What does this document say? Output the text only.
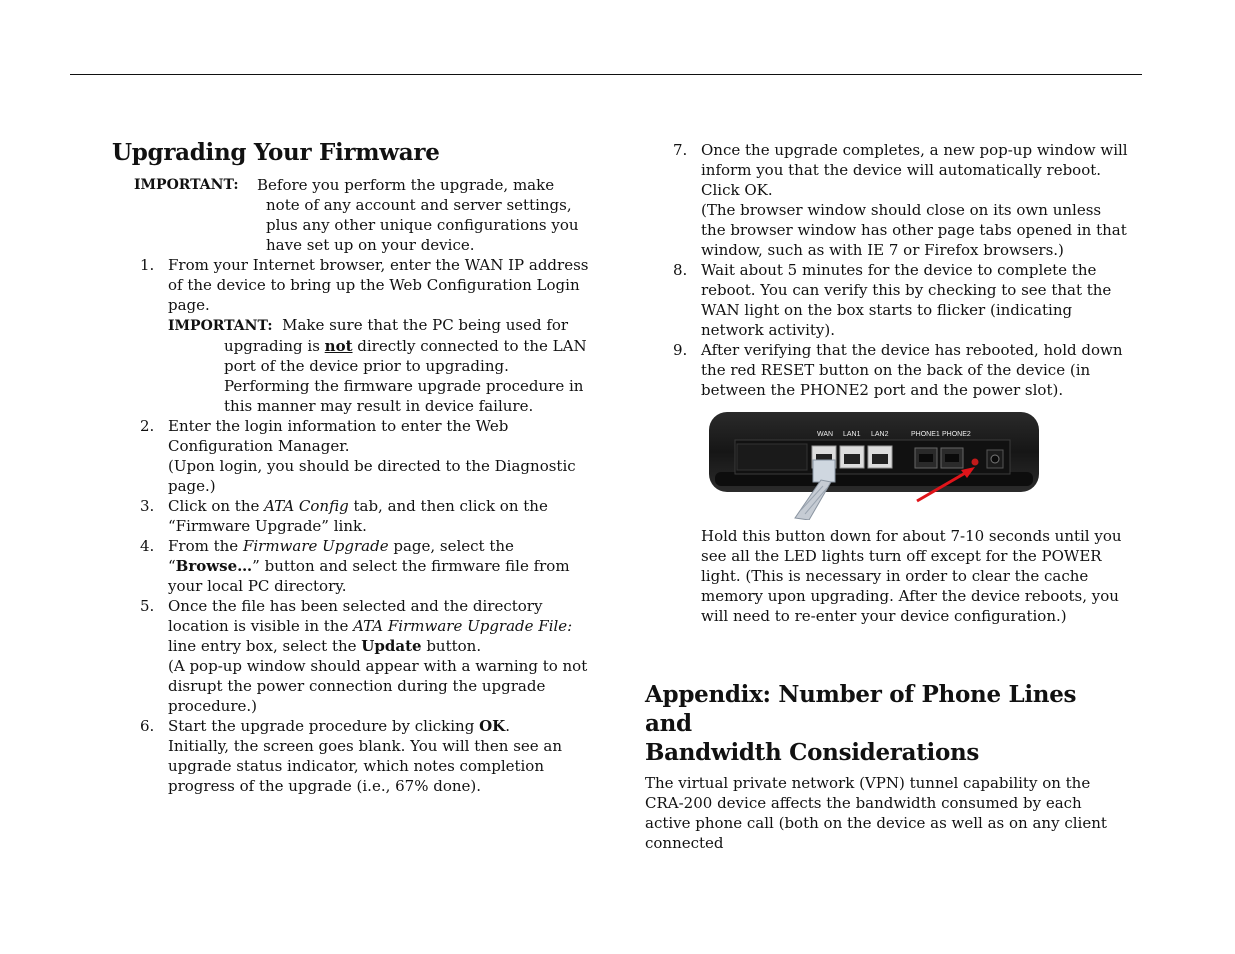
Upgrading Your Firmware
IMPORTANT: Before you perform the upgrade, make note of any account and server settings, plus any other unique configurations you have set up on your device.
1. From your Internet browser, enter the WAN IP address of the device to bring up the Web Configuration Login page.
IMPORTANT: Make sure that the PC being used for upgrading is not directly connected to the LAN port of the device prior to upgrading. Performing the firmware upgrade procedure in this manner may result in device failure.
2. Enter the login information to enter the Web Configuration Manager.
(Upon login, you should be directed to the Diagnostic page.)
3. Click on the ATA Config tab, and then click on the “Firmware Upgrade” link.
4. From the Firmware Upgrade page, select the “Browse…” button and select the firmware file from your local PC directory.
5. Once the file has been selected and the directory location is visible in the ATA Firmware Upgrade File: line entry box, select the Update button.
(A pop-up window should appear with a warning to not disrupt the power connection during the upgrade procedure.)
6. Start the upgrade procedure by clicking OK.
Initially, the screen goes blank. You will then see an upgrade status indicator, which notes completion progress of the upgrade (i.e., 67% done).
7. Once the upgrade completes, a new pop-up window will inform you that the device will automatically reboot. Click OK.
(The browser window should close on its own unless the browser window has other page tabs opened in that window, such as with IE 7 or Firefox browsers.)
8. Wait about 5 minutes for the device to complete the reboot. You can verify this by checking to see that the WAN light on the box starts to flicker (indicating network activity).
9. After verifying that the device has rebooted, hold down the red RESET button on the back of the device (in between the PHONE2 port and the power slot).
WAN LAN1 LAN2	PHONE1 PHONE2
Hold this button down for about 7-10 seconds until you see all the LED lights turn off except for the POWER light. (This is necessary in order to clear the cache memory upon upgrading. After the device reboots, you will need to re-enter your device configuration.)
Appendix: Number of Phone Lines and
Bandwidth Considerations
The virtual private network (VPN) tunnel capability on the CRA-200 device affects the bandwidth consumed by each active phone call (both on the device as well as on any client connected
